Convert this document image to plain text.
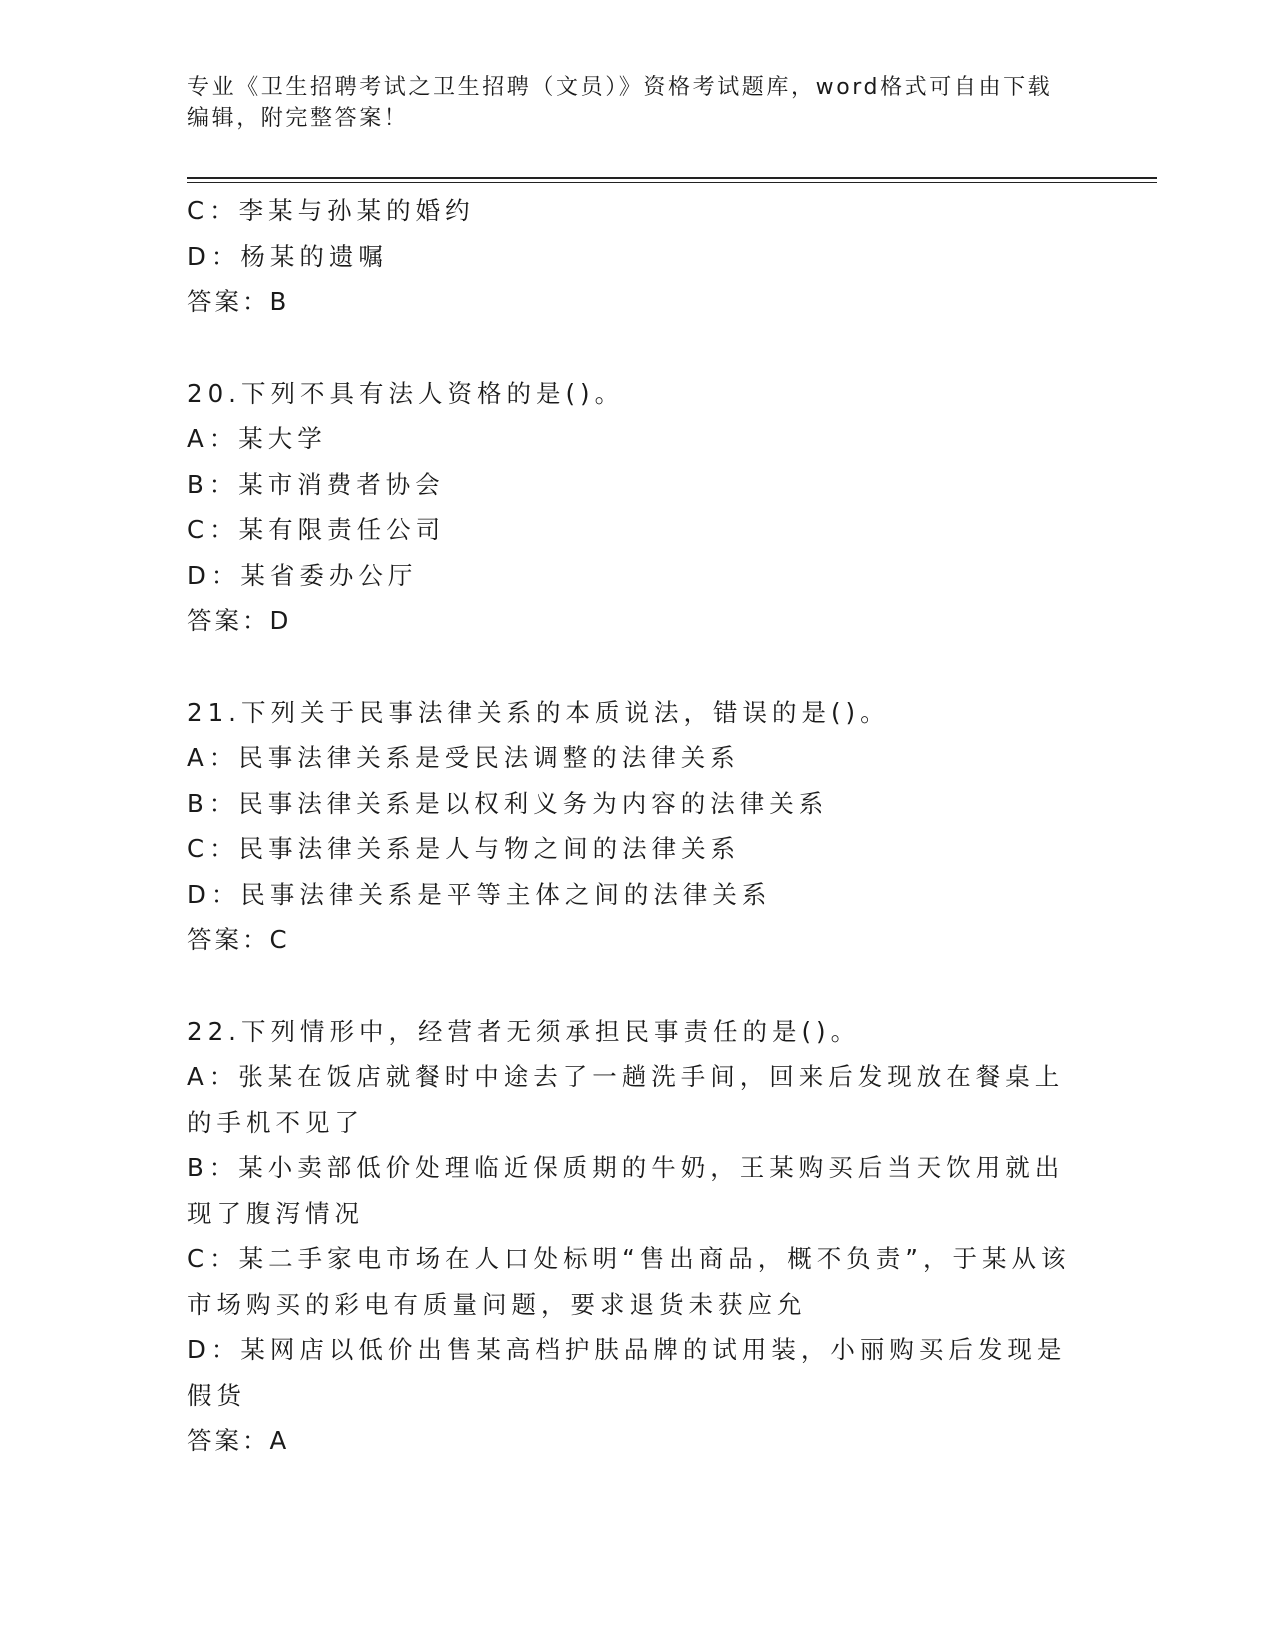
专业《卫生招聘考试之卫生招聘（文员）》资格考试题库，word格式可自由下载
编辑，附完整答案！
C：李某与孙某的婚约
D：杨某的遗嘱
答案：B
20.下列不具有法人资格的是()。
A：某大学
B：某市消费者协会
C：某有限责任公司
D：某省委办公厅
答案：D
21.下列关于民事法律关系的本质说法，错误的是()。
A：民事法律关系是受民法调整的法律关系
B：民事法律关系是以权利义务为内容的法律关系
C：民事法律关系是人与物之间的法律关系
D：民事法律关系是平等主体之间的法律关系
答案：C
22.下列情形中，经营者无须承担民事责任的是()。
A：张某在饭店就餐时中途去了一趟洗手间，回来后发现放在餐桌上的手机不见了
B：某小卖部低价处理临近保质期的牛奶，王某购买后当天饮用就出现了腹泻情况
C：某二手家电市场在人口处标明“售出商品，概不负责”，于某从该市场购买的彩电有质量问题，要求退货未获应允
D：某网店以低价出售某高档护肤品牌的试用装，小丽购买后发现是假货
答案：A
